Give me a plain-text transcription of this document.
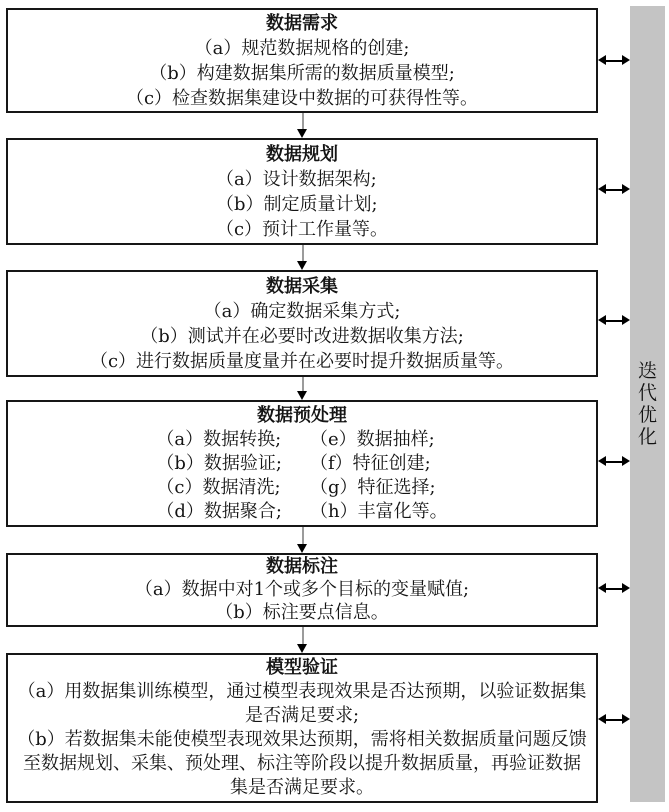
数据需求
（a）规范数据规格的创建;
（b）构建数据集所需的数据质量模型;
（c）检查数据集建设中数据的可获得性等。
数据规划
（a）设计数据架构;
（b）制定质量计划;
（c）预计工作量等。
数据采集
（a）确定数据采集方式;
（b）测试并在必要时改进数据收集方法;
（c）进行数据质量度量并在必要时提升数据质量等。
数据预处理
（a）数据转换;
（b）数据验证;
（c）数据清洗;
（d）数据聚合;
（e）数据抽样;
（f）特征创建;
（g）特征选择;
（h）丰富化等。
数据标注
（a）数据中对1个或多个目标的变量赋值;
（b）标注要点信息。
模型验证

（a）用数据集训练模型，通过模型表现效果是否达预期，以验证数据集是否满足要求;

（b）若数据集未能使模型表现效果达预期，需将相关数据质量问题反馈至数据规划、采集、预处理、标注等阶段以提升数据质量，再验证数据集是否满足要求。

迭
代
优
化
